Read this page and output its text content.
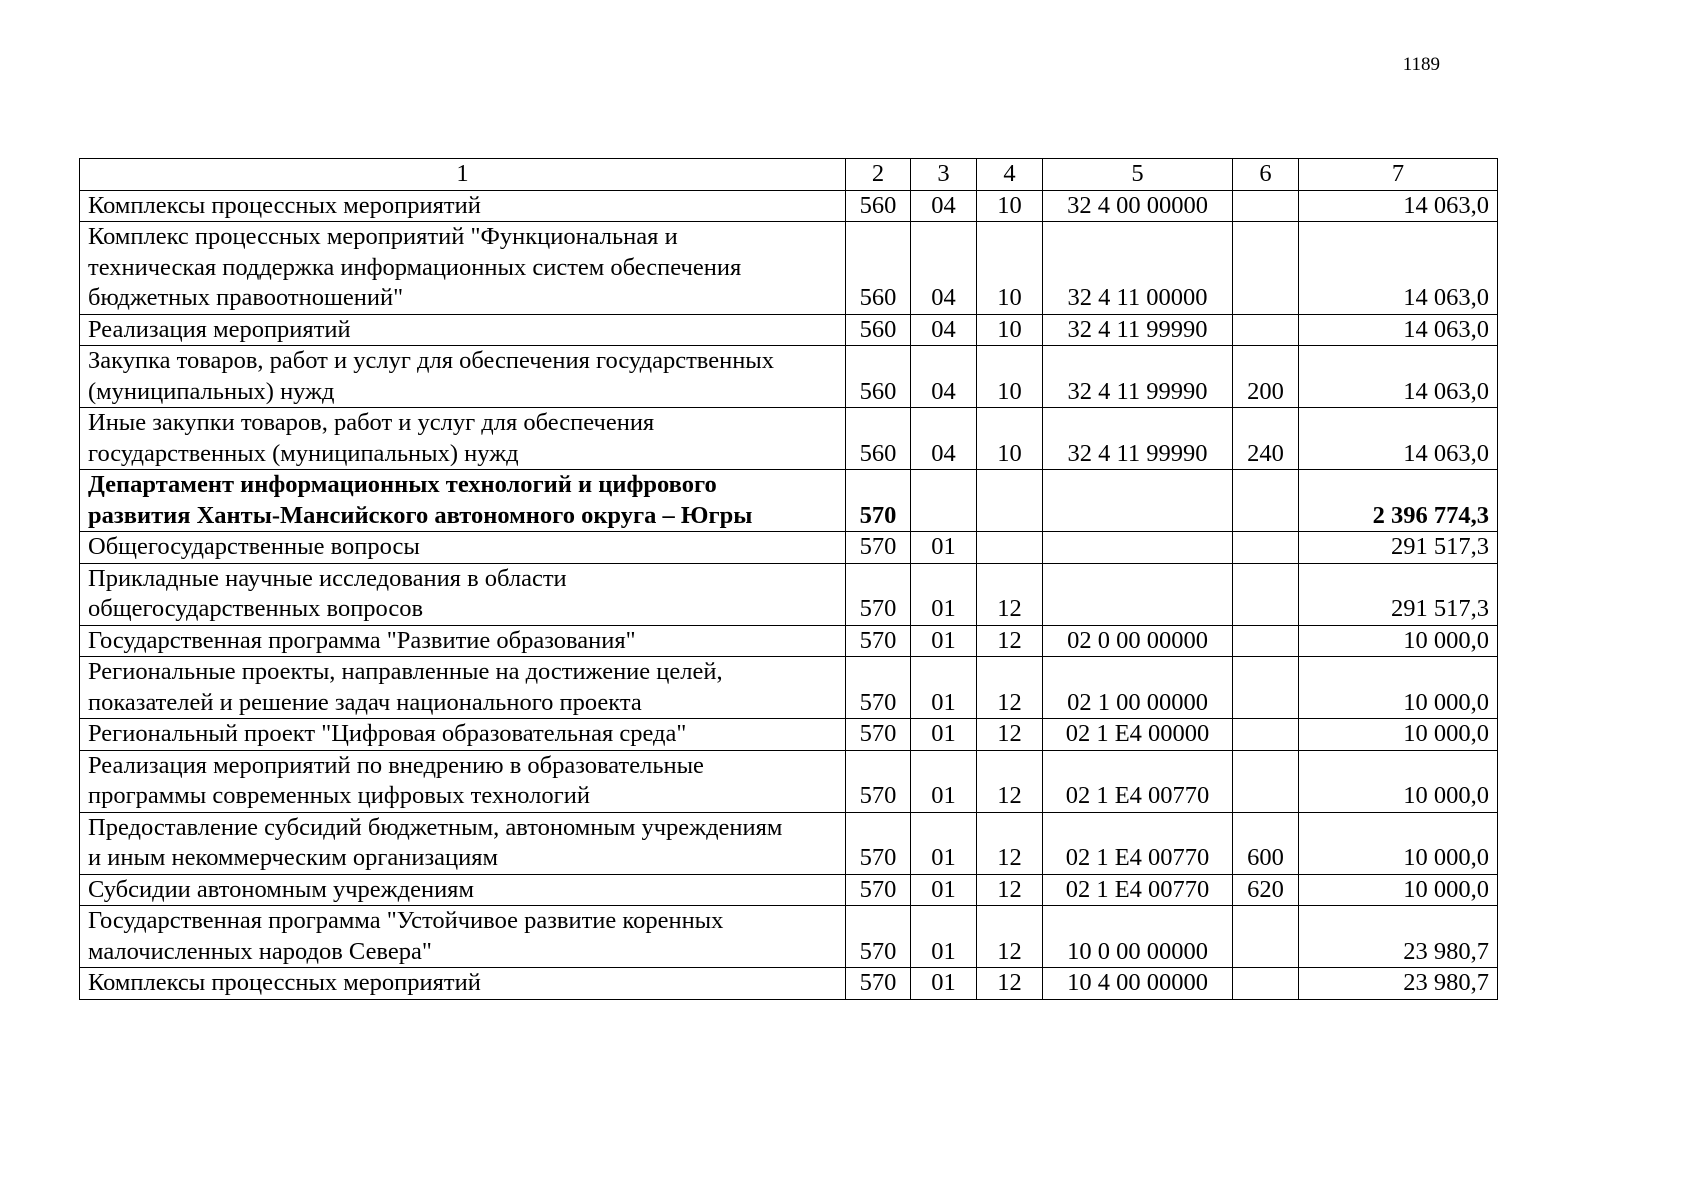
1189
1	2	3	4	5	6	7

Комплексы процессных мероприятий	560	04	10	32 4 00 00000		14 063,0

Комплекс процессных мероприятий "Функциональная и
техническая поддержка информационных систем обеспечения
бюджетных правоотношений"	560	04	10	32 4 11 00000		14 063,0

Реализация мероприятий	560	04	10	32 4 11 99990		14 063,0

Закупка товаров, работ и услуг для обеспечения государственных
(муниципальных) нужд	560	04	10	32 4 11 99990	200	14 063,0

Иные закупки товаров, работ и услуг для обеспечения
государственных (муниципальных) нужд	560	04	10	32 4 11 99990	240	14 063,0

Департамент информационных технологий и цифрового
развития Ханты-Мансийского автономного округа – Югры	570					2 396 774,3

Общегосударственные вопросы	570	01				291 517,3

Прикладные научные исследования в области
общегосударственных вопросов	570	01	12			291 517,3

Государственная программа "Развитие образования"	570	01	12	02 0 00 00000		10 000,0

Региональные проекты, направленные на достижение целей,
показателей и решение задач национального проекта	570	01	12	02 1 00 00000		10 000,0

Региональный проект "Цифровая образовательная среда"	570	01	12	02 1 Е4 00000		10 000,0

Реализация мероприятий по внедрению в образовательные
программы современных цифровых технологий	570	01	12	02 1 Е4 00770		10 000,0

Предоставление субсидий бюджетным, автономным учреждениям
и иным некоммерческим организациям	570	01	12	02 1 Е4 00770	600	10 000,0

Субсидии автономным учреждениям	570	01	12	02 1 Е4 00770	620	10 000,0

Государственная программа "Устойчивое развитие коренных
малочисленных народов Севера"	570	01	12	10 0 00 00000		23 980,7

Комплексы процессных мероприятий	570	01	12	10 4 00 00000		23 980,7
